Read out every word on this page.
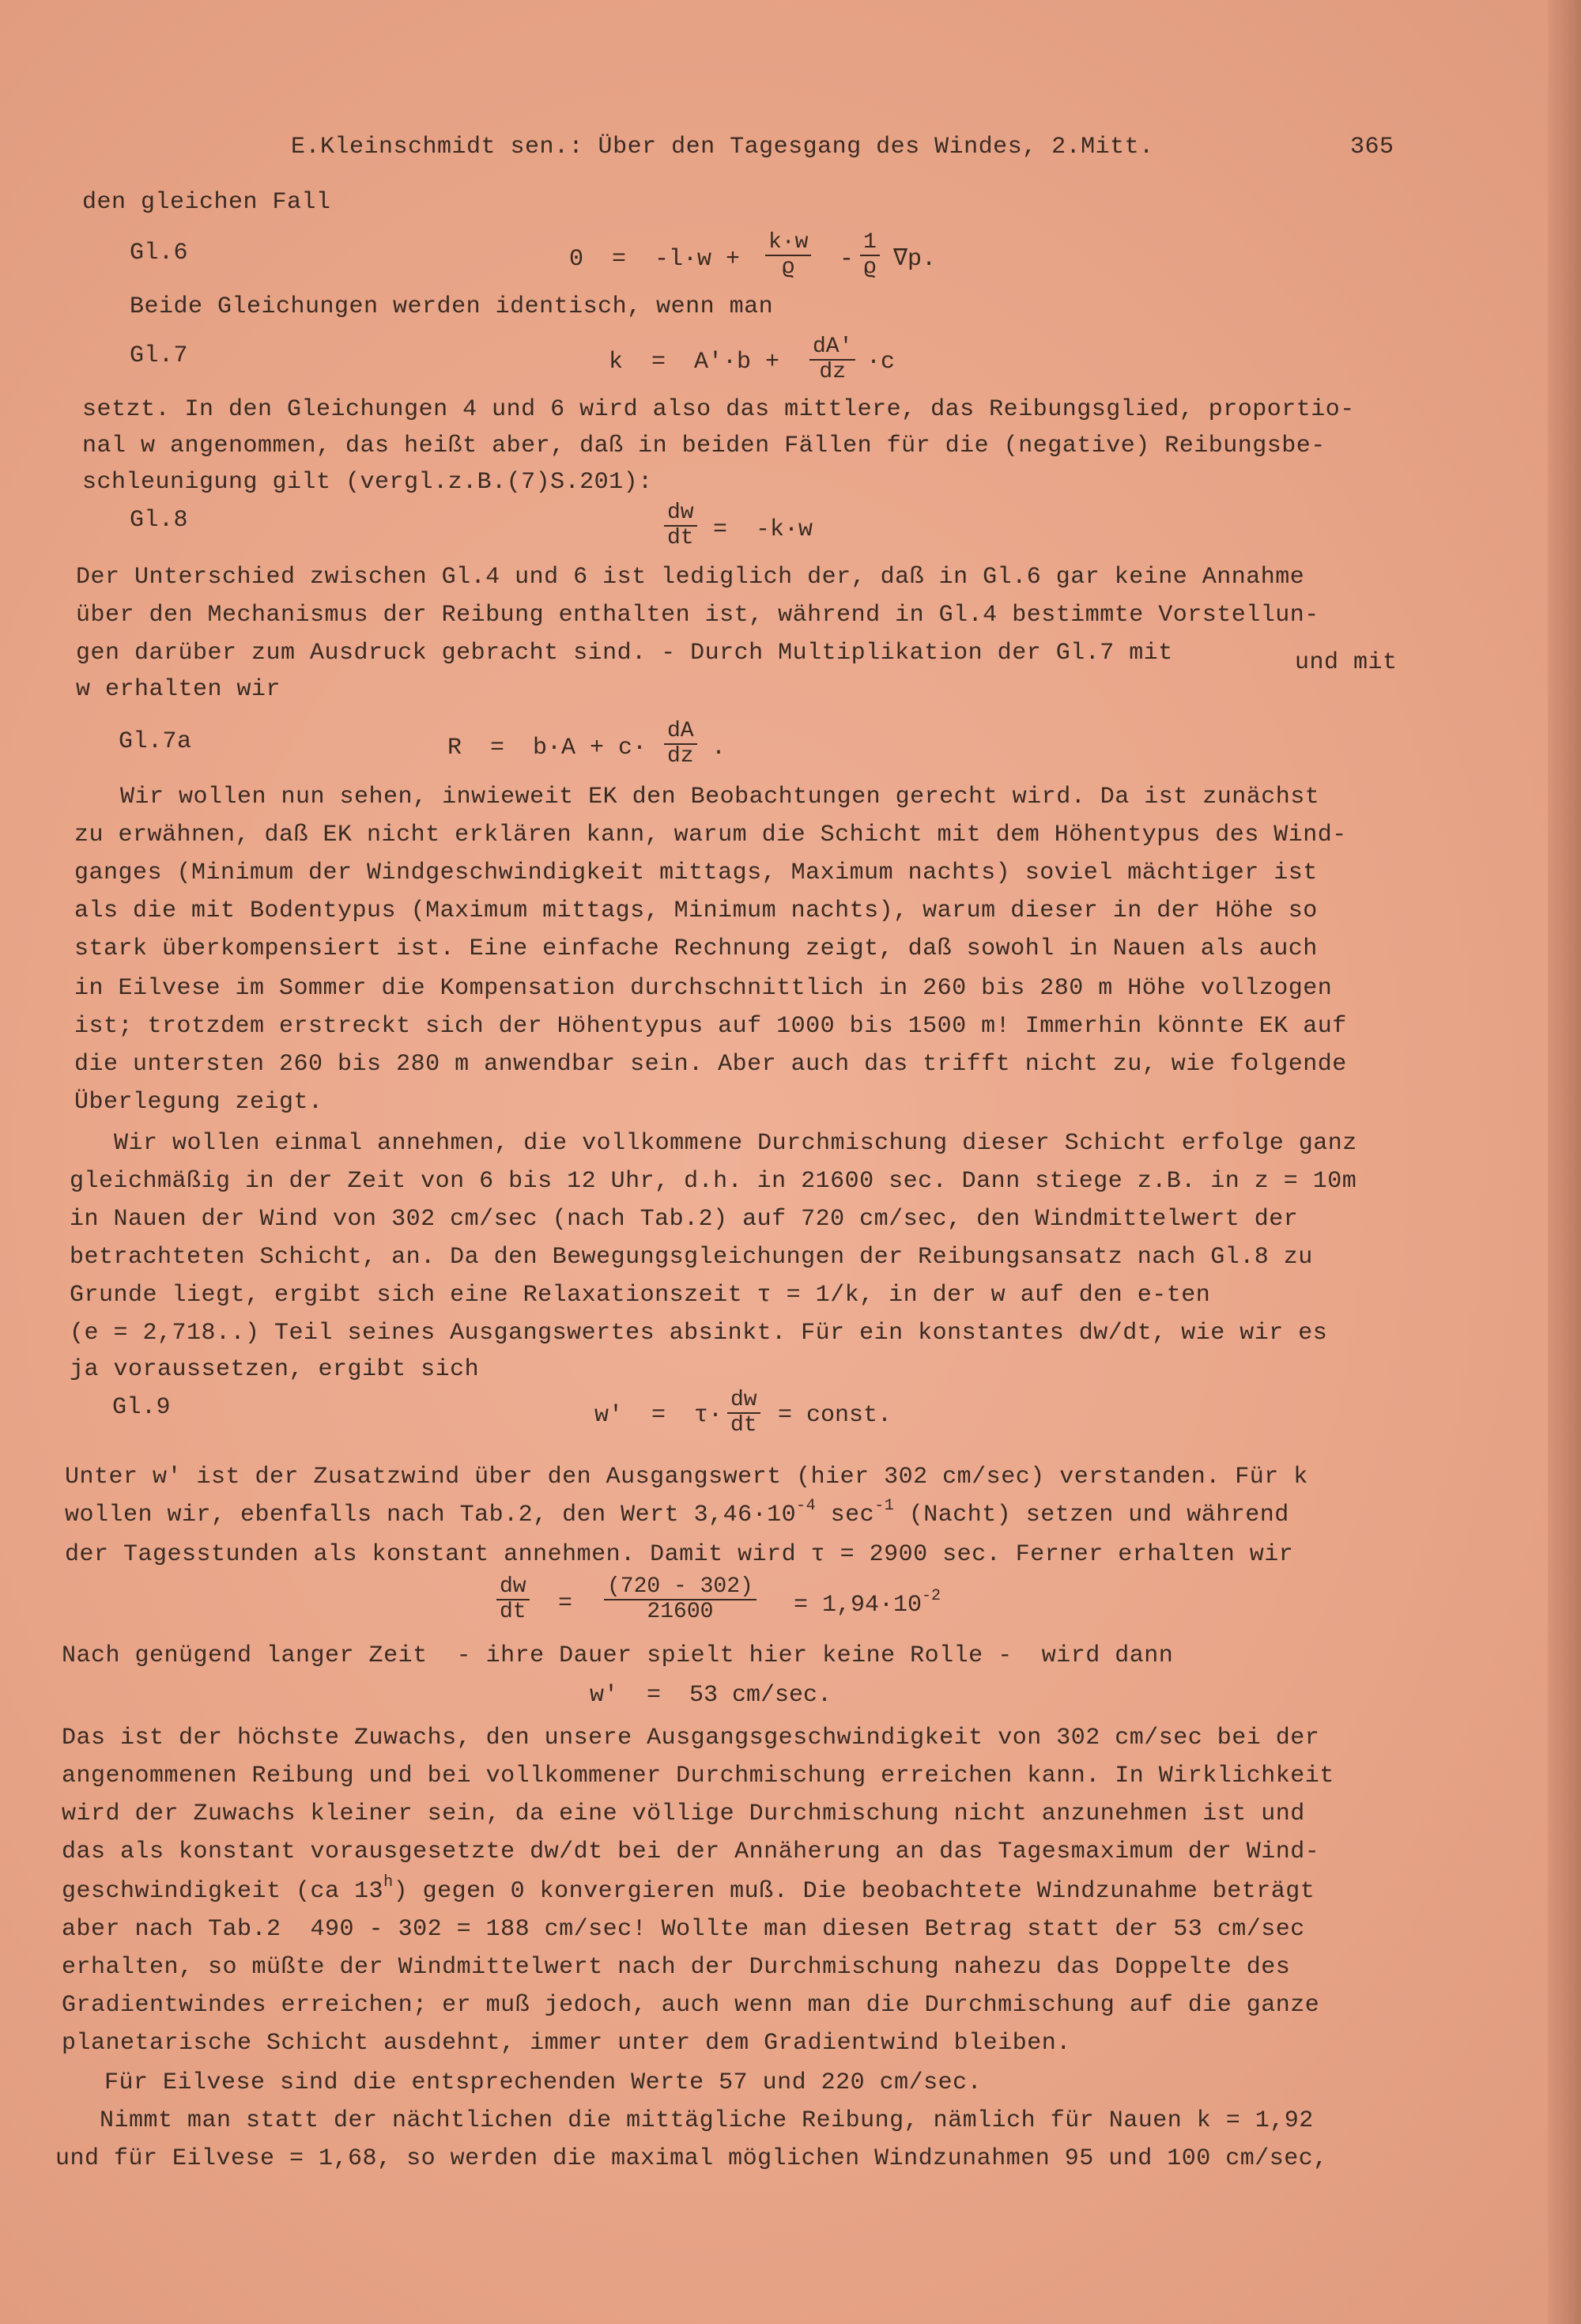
E.Kleinschmidt sen.: Über den Tagesgang des Windes, 2.Mitt.	365
den gleichen Fall
Gl.6	$0 = -l\cdot w + \frac{k\cdot w}{ϱ} - \frac{1}{ϱ} \nabla p$.
Beide Gleichungen werden identisch, wenn man
Gl.7	$k = A'\cdot b + \frac{dA'}{dz} \cdot c$
setzt. In den Gleichungen 4 und 6 wird also das mittlere, das Reibungsglied, proportio-
nal w angenommen, das heißt aber, daß in beiden Fällen für die (negative) Reibungsbe-
schleunigung gilt (vergl.z.B.(7)S.201):
Gl.8	$\frac{dw}{dt} = -k\cdot w$
Der Unterschied zwischen Gl.4 und 6 ist lediglich der, daß in Gl.6 gar keine Annahme
über den Mechanismus der Reibung enthalten ist, während in Gl.4 bestimmte Vorstellun-
gen darüber zum Ausdruck gebracht sind. - Durch Multiplikation der Gl.7 mit	und mit
w erhalten wir
Gl.7a	$R = b\cdot A + c\cdot \frac{dA}{dz}$ .
Wir wollen nun sehen, inwieweit EK den Beobachtungen gerecht wird. Da ist zunächst
zu erwähnen, daß EK nicht erklären kann, warum die Schicht mit dem Höhentypus des Wind-
ganges (Minimum der Windgeschwindigkeit mittags, Maximum nachts) soviel mächtiger ist
als die mit Bodentypus (Maximum mittags, Minimum nachts), warum dieser in der Höhe so
stark überkompensiert ist. Eine einfache Rechnung zeigt, daß sowohl in Nauen als auch
in Eilvese im Sommer die Kompensation durchschnittlich in 260 bis 280 m Höhe vollzogen
ist; trotzdem erstreckt sich der Höhentypus auf 1000 bis 1500 m! Immerhin könnte EK auf
die untersten 260 bis 280 m anwendbar sein. Aber auch das trifft nicht zu, wie folgende
Überlegung zeigt.
Wir wollen einmal annehmen, die vollkommene Durchmischung dieser Schicht erfolge ganz
gleichmäßig in der Zeit von 6 bis 12 Uhr, d.h. in 21600 sec. Dann stiege z.B. in z = 10m
in Nauen der Wind von 302 cm/sec (nach Tab.2) auf 720 cm/sec, den Windmittelwert der
betrachteten Schicht, an. Da den Bewegungsgleichungen der Reibungsansatz nach Gl.8 zu
Grunde liegt, ergibt sich eine Relaxationszeit τ = 1/k, in der w auf den e-ten
(e = 2,718..) Teil seines Ausgangswertes absinkt. Für ein konstantes dw/dt, wie wir es
ja voraussetzen, ergibt sich
Gl.9	$w' = \tau\cdot \frac{dw}{dt}$ = const.
Unter w' ist der Zusatzwind über den Ausgangswert (hier 302 cm/sec) verstanden. Für k
wollen wir, ebenfalls nach Tab.2, den Wert $3,46\cdot 10^{-4}$ $\sec^{-1}$ (Nacht) setzen und während
der Tagesstunden als konstant annehmen. Damit wird τ = 2900 sec. Ferner erhalten wir
$\frac{dw}{dt} = \frac{(720 - 302)}{21600} = 1,94\cdot 10^{-2}$
Nach genügend langer Zeit  - ihre Dauer spielt hier keine Rolle -  wird dann
w'  =  53 cm/sec.
Das ist der höchste Zuwachs, den unsere Ausgangsgeschwindigkeit von 302 cm/sec bei der
angenommenen Reibung und bei vollkommener Durchmischung erreichen kann. In Wirklichkeit
wird der Zuwachs kleiner sein, da eine völlige Durchmischung nicht anzunehmen ist und
das als konstant vorausgesetzte dw/dt bei der Annäherung an das Tagesmaximum der Wind-
geschwindigkeit (ca 13$^h$) gegen 0 konvergieren muß. Die beobachtete Windzunahme beträgt
aber nach Tab.2  490 - 302 = 188 cm/sec! Wollte man diesen Betrag statt der 53 cm/sec
erhalten, so müßte der Windmittelwert nach der Durchmischung nahezu das Doppelte des
Gradientwindes erreichen; er muß jedoch, auch wenn man die Durchmischung auf die ganze
planetarische Schicht ausdehnt, immer unter dem Gradientwind bleiben.
Für Eilvese sind die entsprechenden Werte 57 und 220 cm/sec.
Nimmt man statt der nächtlichen die mittägliche Reibung, nämlich für Nauen k = 1,92
und für Eilvese = 1,68, so werden die maximal möglichen Windzunahmen 95 und 100 cm/sec,
